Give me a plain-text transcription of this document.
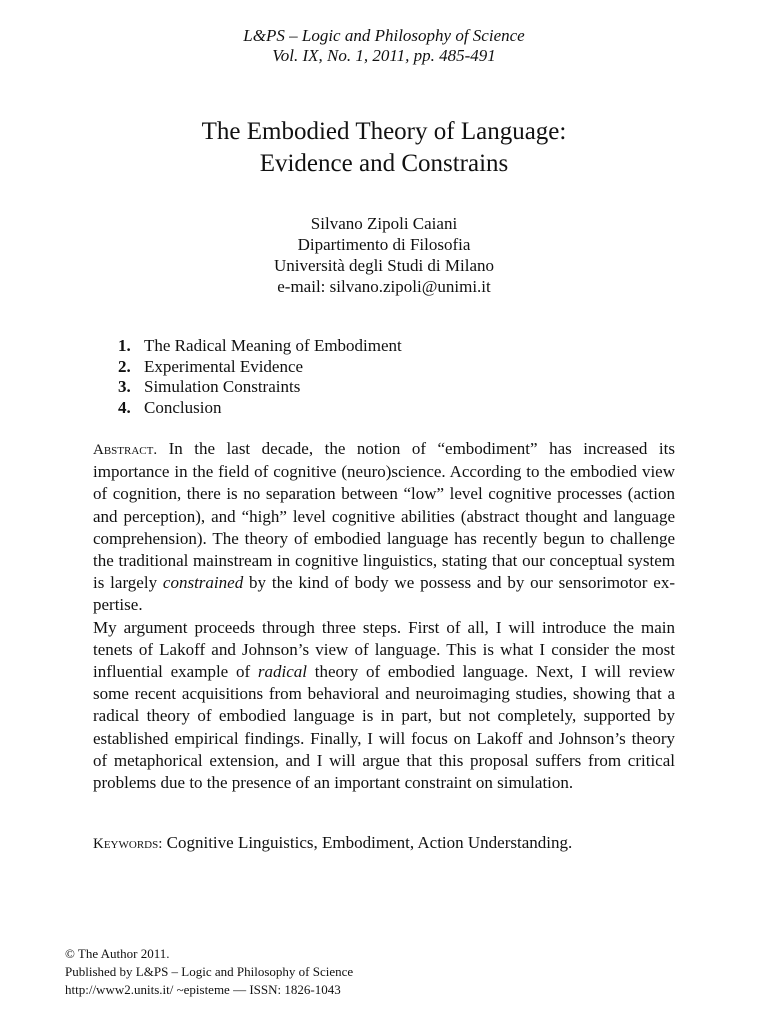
L&PS – Logic and Philosophy of Science
Vol. IX, No. 1, 2011, pp. 485-491
The Embodied Theory of Language:
Evidence and Constrains
Silvano Zipoli Caiani
Dipartimento di Filosofia
Università degli Studi di Milano
e-mail: silvano.zipoli@unimi.it
1. The Radical Meaning of Embodiment
2. Experimental Evidence
3. Simulation Constraints
4. Conclusion

Abstract. In the last decade, the notion of “embodiment” has increased its importance in the field of cognitive (neuro)science. According to the embodied view of cognition, there is no separation between “low” level cognitive processes (action and perception), and “high” level cognitive abilities (abstract thought and language comprehension). The theory of embodied language has recently begun to challenge the traditional mainstream in cognitive linguistics, stating that our conceptual system is largely constrained by the kind of body we possess and by our sensorimotor expertise.

My argument proceeds through three steps. First of all, I will introduce the main tenets of Lakoff and Johnson’s view of language. This is what I consider the most influential example of radical theory of embodied language. Next, I will review some recent acquisitions from behavioral and neuroimaging studies, showing that a radical theory of embodied language is in part, but not completely, supported by established empirical findings. Finally, I will focus on Lakoff and Johnson’s theory of metaphorical extension, and I will argue that this proposal suffers from critical problems due to the presence of an important constraint on simulation.

Keywords: Cognitive Linguistics, Embodiment, Action Understanding.
© The Author 2011.
Published by L&PS – Logic and Philosophy of Science
http://www2.units.it/ ~episteme — ISSN: 1826-1043
